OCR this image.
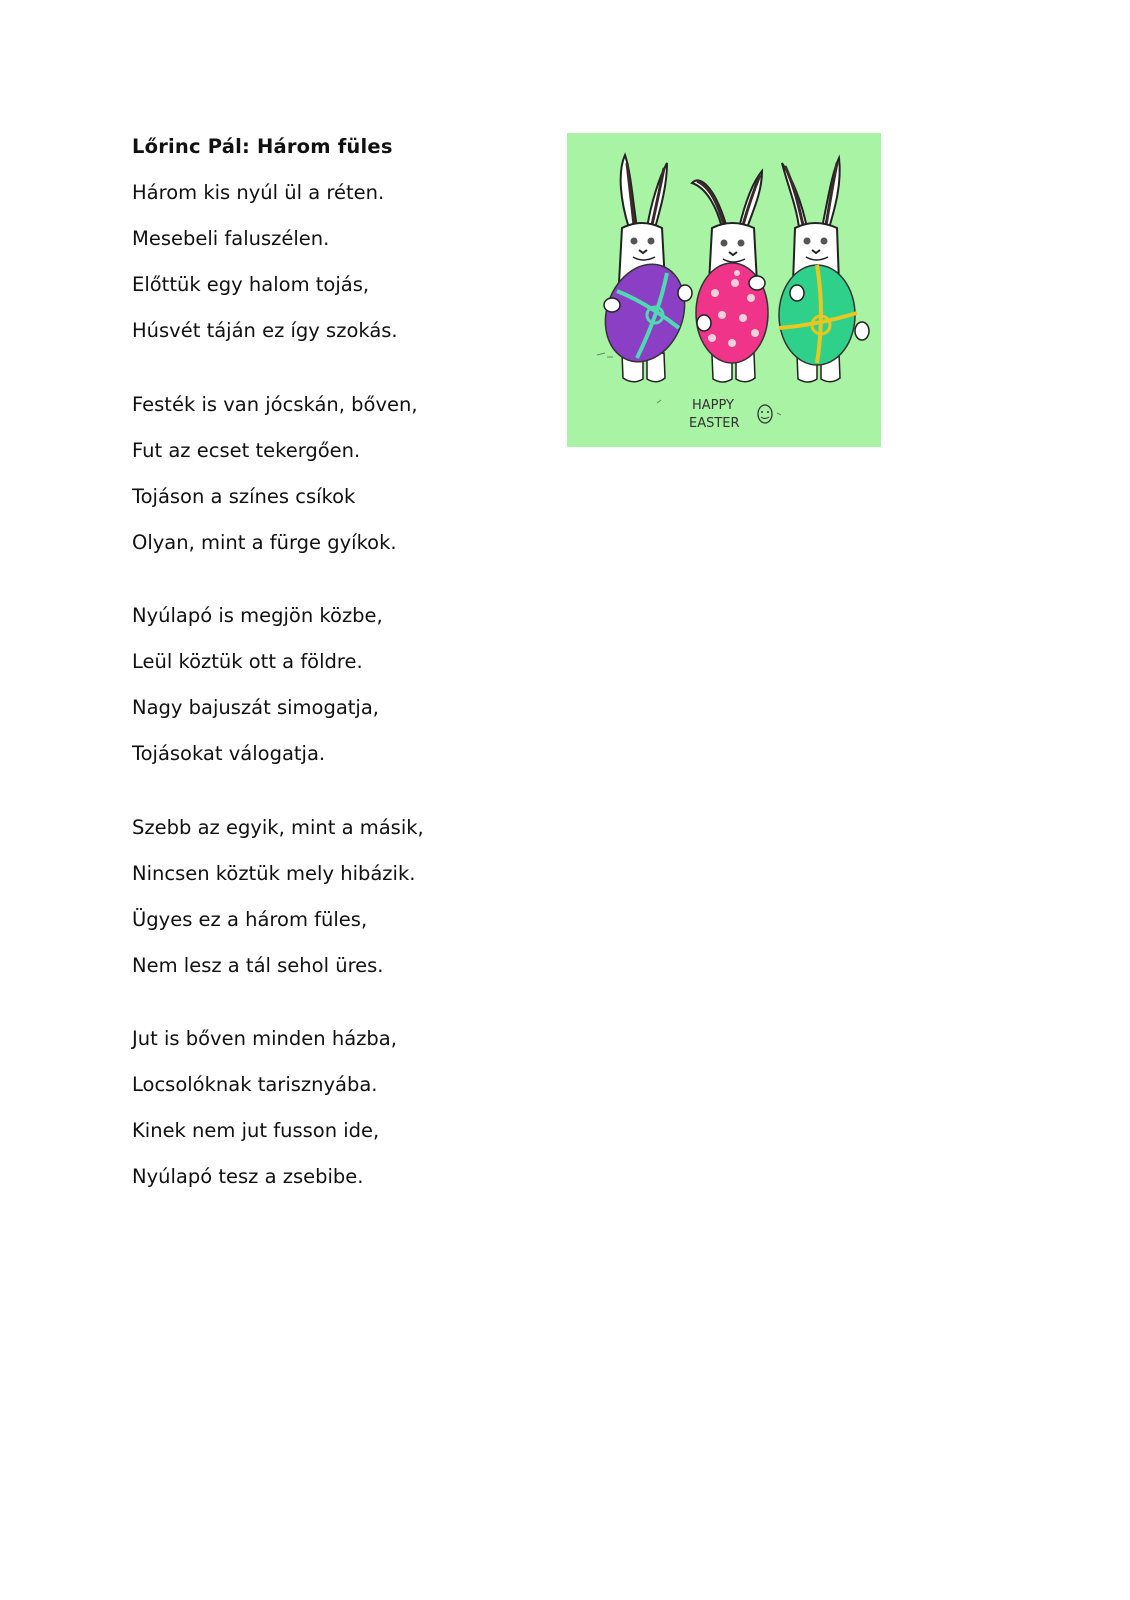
Lőrinc Pál: Három füles
Három kis nyúl ül a réten.
Mesebeli faluszélen.
Előttük egy halom tojás,
Húsvét táján ez így szokás.
Festék is van jócskán, bőven,
Fut az ecset tekergően.
Tojáson a színes csíkok
Olyan, mint a fürge gyíkok.
Nyúlapó is megjön közbe,
Leül köztük ott a földre.
Nagy bajuszát simogatja,
Tojásokat válogatja.
Szebb az egyik, mint a másik,
Nincsen köztük mely hibázik.
Ügyes ez a három füles,
Nem lesz a tál sehol üres.
Jut is bőven minden házba,
Locsolóknak tarisznyába.
Kinek nem jut fusson ide,
Nyúlapó tesz a zsebibe.
HAPPY
EASTER
